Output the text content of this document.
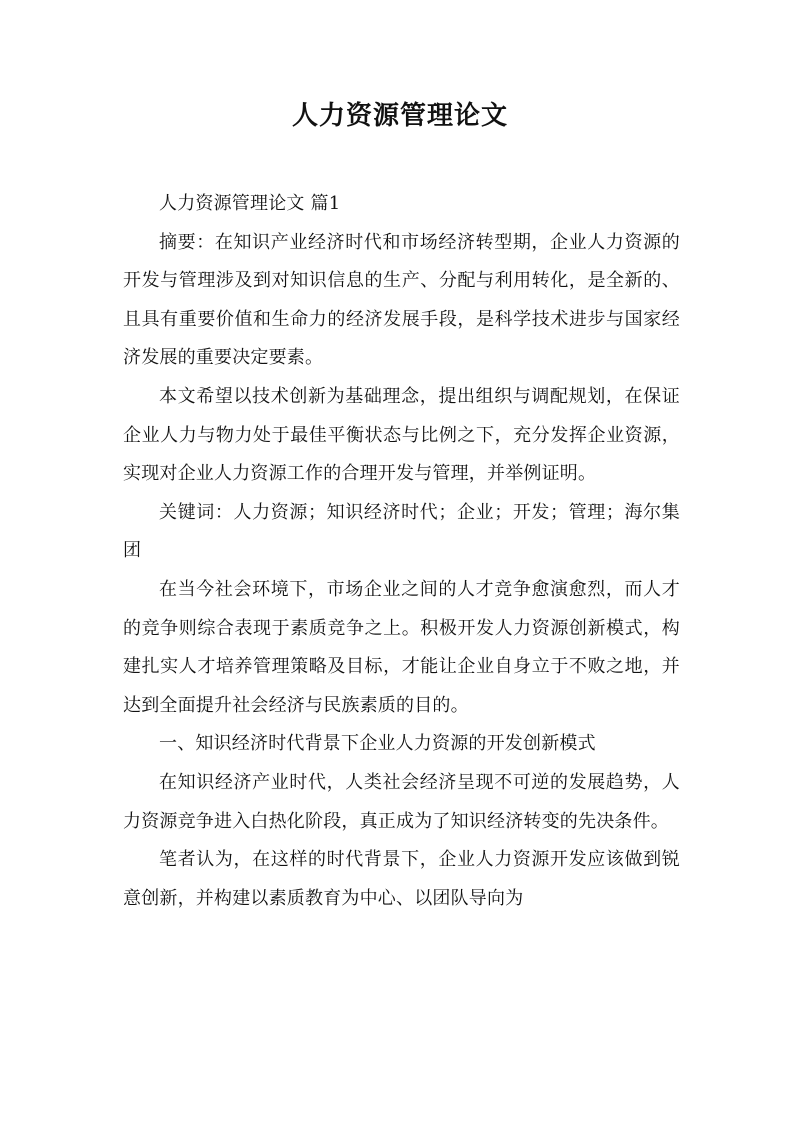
人力资源管理论文

人力资源管理论文 篇1

摘要：在知识产业经济时代和市场经济转型期，企业人力资源的开发与管理涉及到对知识信息的生产、分配与利用转化，是全新的、且具有重要价值和生命力的经济发展手段，是科学技术进步与国家经济发展的重要决定要素。

本文希望以技术创新为基础理念，提出组织与调配规划，在保证企业人力与物力处于最佳平衡状态与比例之下，充分发挥企业资源，实现对企业人力资源工作的合理开发与管理，并举例证明。

关键词：人力资源；知识经济时代；企业；开发；管理；海尔集团

在当今社会环境下，市场企业之间的人才竞争愈演愈烈，而人才的竞争则综合表现于素质竞争之上。积极开发人力资源创新模式，构建扎实人才培养管理策略及目标，才能让企业自身立于不败之地，并达到全面提升社会经济与民族素质的目的。

一、知识经济时代背景下企业人力资源的开发创新模式

在知识经济产业时代，人类社会经济呈现不可逆的发展趋势，人力资源竞争进入白热化阶段，真正成为了知识经济转变的先决条件。

笔者认为，在这样的时代背景下，企业人力资源开发应该做到锐意创新，并构建以素质教育为中心、以团队导向为
